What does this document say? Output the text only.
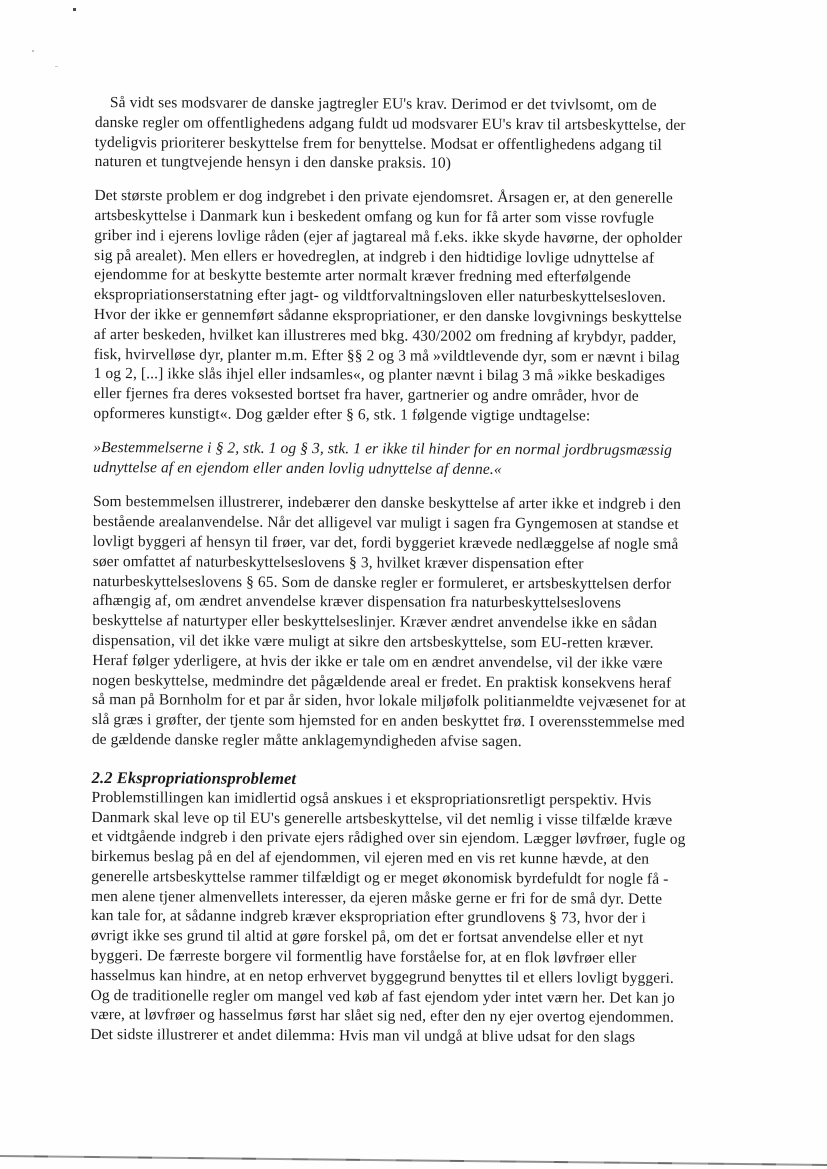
Så vidt ses modsvarer de danske jagtregler EU's krav. Derimod er det tvivlsomt, om de
danske regler om offentlighedens adgang fuldt ud modsvarer EU's krav til artsbeskyttelse, der
tydeligvis prioriterer beskyttelse frem for benyttelse. Modsat er offentlighedens adgang til
naturen et tungtvejende hensyn i den danske praksis. 10)

Det største problem er dog indgrebet i den private ejendomsret. Årsagen er, at den generelle
artsbeskyttelse i Danmark kun i beskedent omfang og kun for få arter som visse rovfugle
griber ind i ejerens lovlige råden (ejer af jagtareal må f.eks. ikke skyde havørne, der opholder
sig på arealet). Men ellers er hovedreglen, at indgreb i den hidtidige lovlige udnyttelse af
ejendomme for at beskytte bestemte arter normalt kræver fredning med efterfølgende
ekspropriationserstatning efter jagt- og vildtforvaltningsloven eller naturbeskyttelsesloven.
Hvor der ikke er gennemført sådanne ekspropriationer, er den danske lovgivnings beskyttelse
af arter beskeden, hvilket kan illustreres med bkg. 430/2002 om fredning af krybdyr, padder,
fisk, hvirvelløse dyr, planter m.m. Efter §§ 2 og 3 må »vildtlevende dyr, som er nævnt i bilag
1 og 2, [...] ikke slås ihjel eller indsamles«, og planter nævnt i bilag 3 må »ikke beskadiges
eller fjernes fra deres voksested bortset fra haver, gartnerier og andre områder, hvor de
opformeres kunstigt«. Dog gælder efter § 6, stk. 1 følgende vigtige undtagelse:

»Bestemmelserne i § 2, stk. 1 og § 3, stk. 1 er ikke til hinder for en normal jordbrugsmæssig
udnyttelse af en ejendom eller anden lovlig udnyttelse af denne.«

Som bestemmelsen illustrerer, indebærer den danske beskyttelse af arter ikke et indgreb i den
bestående arealanvendelse. Når det alligevel var muligt i sagen fra Gyngemosen at standse et
lovligt byggeri af hensyn til frøer, var det, fordi byggeriet krævede nedlæggelse af nogle små
søer omfattet af naturbeskyttelseslovens § 3, hvilket kræver dispensation efter
naturbeskyttelseslovens § 65. Som de danske regler er formuleret, er artsbeskyttelsen derfor
afhængig af, om ændret anvendelse kræver dispensation fra naturbeskyttelseslovens
beskyttelse af naturtyper eller beskyttelseslinjer. Kræver ændret anvendelse ikke en sådan
dispensation, vil det ikke være muligt at sikre den artsbeskyttelse, som EU-retten kræver.
Heraf følger yderligere, at hvis der ikke er tale om en ændret anvendelse, vil der ikke være
nogen beskyttelse, medmindre det pågældende areal er fredet. En praktisk konsekvens heraf
så man på Bornholm for et par år siden, hvor lokale miljøfolk politianmeldte vejvæsenet for at
slå græs i grøfter, der tjente som hjemsted for en anden beskyttet frø. I overensstemmelse med
de gældende danske regler måtte anklagemyndigheden afvise sagen.

2.2 Ekspropriationsproblemet

Problemstillingen kan imidlertid også anskues i et ekspropriationsretligt perspektiv. Hvis
Danmark skal leve op til EU's generelle artsbeskyttelse, vil det nemlig i visse tilfælde kræve
et vidtgående indgreb i den private ejers rådighed over sin ejendom. Lægger løvfrøer, fugle og
birkemus beslag på en del af ejendommen, vil ejeren med en vis ret kunne hævde, at den
generelle artsbeskyttelse rammer tilfældigt og er meget økonomisk byrdefuldt for nogle få -
men alene tjener almenvellets interesser, da ejeren måske gerne er fri for de små dyr. Dette
kan tale for, at sådanne indgreb kræver ekspropriation efter grundlovens § 73, hvor der i
øvrigt ikke ses grund til altid at gøre forskel på, om det er fortsat anvendelse eller et nyt
byggeri. De færreste borgere vil formentlig have forståelse for, at en flok løvfrøer eller
hasselmus kan hindre, at en netop erhvervet byggegrund benyttes til et ellers lovligt byggeri.
Og de traditionelle regler om mangel ved køb af fast ejendom yder intet værn her. Det kan jo
være, at løvfrøer og hasselmus først har slået sig ned, efter den ny ejer overtog ejendommen.
Det sidste illustrerer et andet dilemma: Hvis man vil undgå at blive udsat for den slags
